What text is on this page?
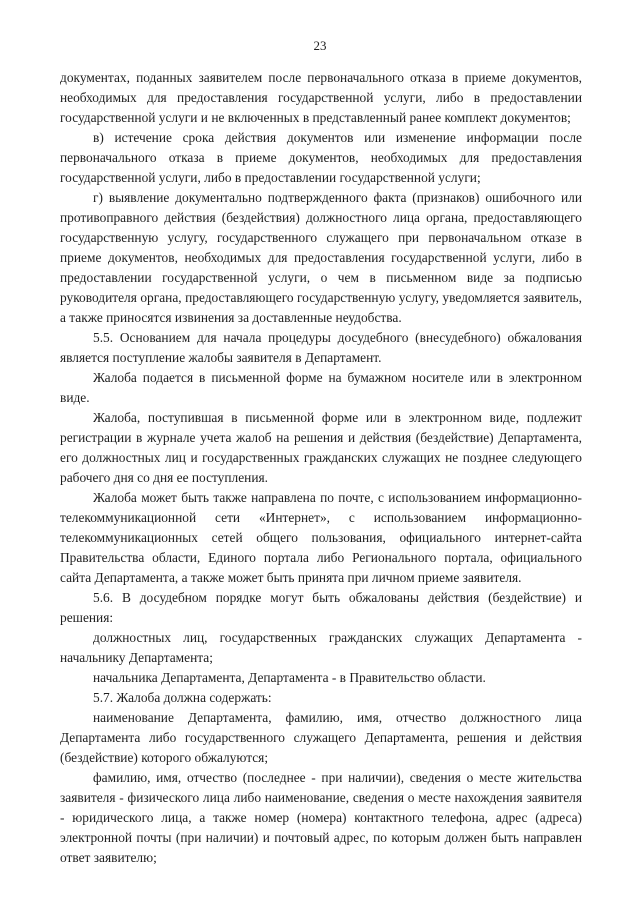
23

документах, поданных заявителем после первоначального отказа в приеме документов, необходимых для предоставления государственной услуги, либо в предоставлении государственной услуги и не включенных в представленный ранее комплект документов;

в) истечение срока действия документов или изменение информации после первоначального отказа в приеме документов, необходимых для предоставления государственной услуги, либо в предоставлении государственной услуги;

г) выявление документально подтвержденного факта (признаков) ошибочного или противоправного действия (бездействия) должностного лица органа, предоставляющего государственную услугу, государственного служащего при первоначальном отказе в приеме документов, необходимых для предоставления государственной услуги, либо в предоставлении государственной услуги, о чем в письменном виде за подписью руководителя органа, предоставляющего государственную услугу, уведомляется заявитель, а также приносятся извинения за доставленные неудобства.

5.5. Основанием для начала процедуры досудебного (внесудебного) обжалования является поступление жалобы заявителя в Департамент.

Жалоба подается в письменной форме на бумажном носителе или в электронном виде.

Жалоба, поступившая в письменной форме или в электронном виде, подлежит регистрации в журнале учета жалоб на решения и действия (бездействие) Департамента, его должностных лиц и государственных гражданских служащих не позднее следующего рабочего дня со дня ее поступления.

Жалоба может быть также направлена по почте, с использованием информационно-телекоммуникационной сети «Интернет», с использованием информационно-телекоммуникационных сетей общего пользования, официального интернет-сайта Правительства области, Единого портала либо Регионального портала, официального сайта Департамента, а также может быть принята при личном приеме заявителя.

5.6. В досудебном порядке могут быть обжалованы действия (бездействие) и решения:

должностных лиц, государственных гражданских служащих Департамента - начальнику Департамента;

начальника Департамента, Департамента - в Правительство области.

5.7. Жалоба должна содержать:

наименование Департамента, фамилию, имя, отчество должностного лица Департамента либо государственного служащего Департамента, решения и действия (бездействие) которого обжалуются;

фамилию, имя, отчество (последнее - при наличии), сведения о месте жительства заявителя - физического лица либо наименование, сведения о месте нахождения заявителя - юридического лица, а также номер (номера) контактного телефона, адрес (адреса) электронной почты (при наличии) и почтовый адрес, по которым должен быть направлен ответ заявителю;
